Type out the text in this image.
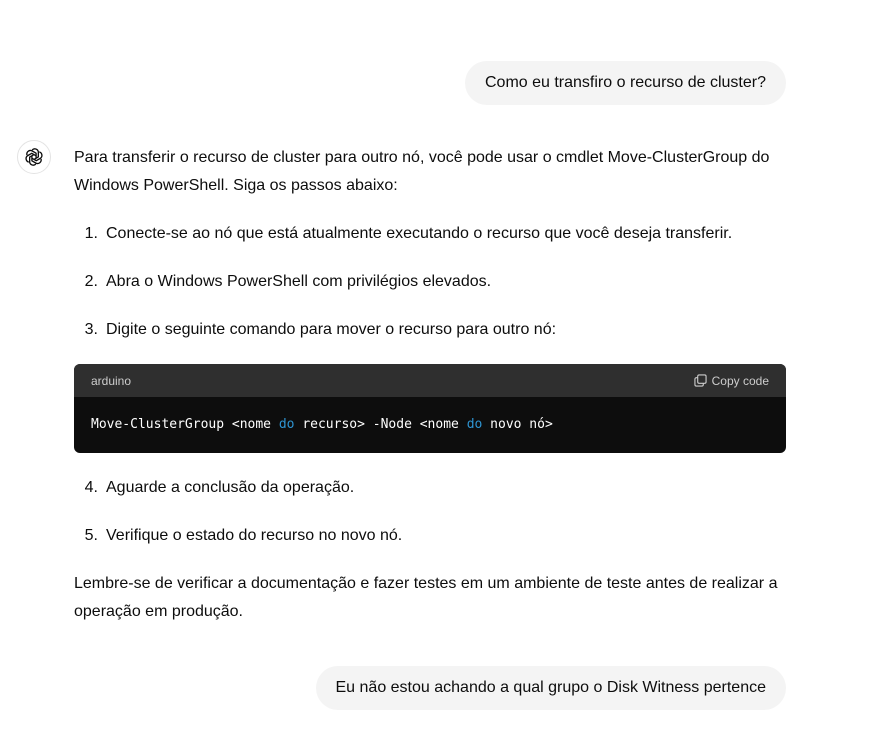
Como eu transfiro o recurso de cluster?

Para transferir o recurso de cluster para outro nó, você pode usar o cmdlet Move-ClusterGroup do Windows PowerShell. Siga os passos abaixo:

1. Conecte-se ao nó que está atualmente executando o recurso que você deseja transferir.
2. Abra o Windows PowerShell com privilégios elevados.
3. Digite o seguinte comando para mover o recurso para outro nó:
arduino	Copy code
Move-ClusterGroup <nome do recurso> -Node <nome do novo nó>
4. Aguarde a conclusão da operação.
5. Verifique o estado do recurso no novo nó.

Lembre-se de verificar a documentação e fazer testes em um ambiente de teste antes de realizar a operação em produção.

Eu não estou achando a qual grupo o Disk Witness pertence
